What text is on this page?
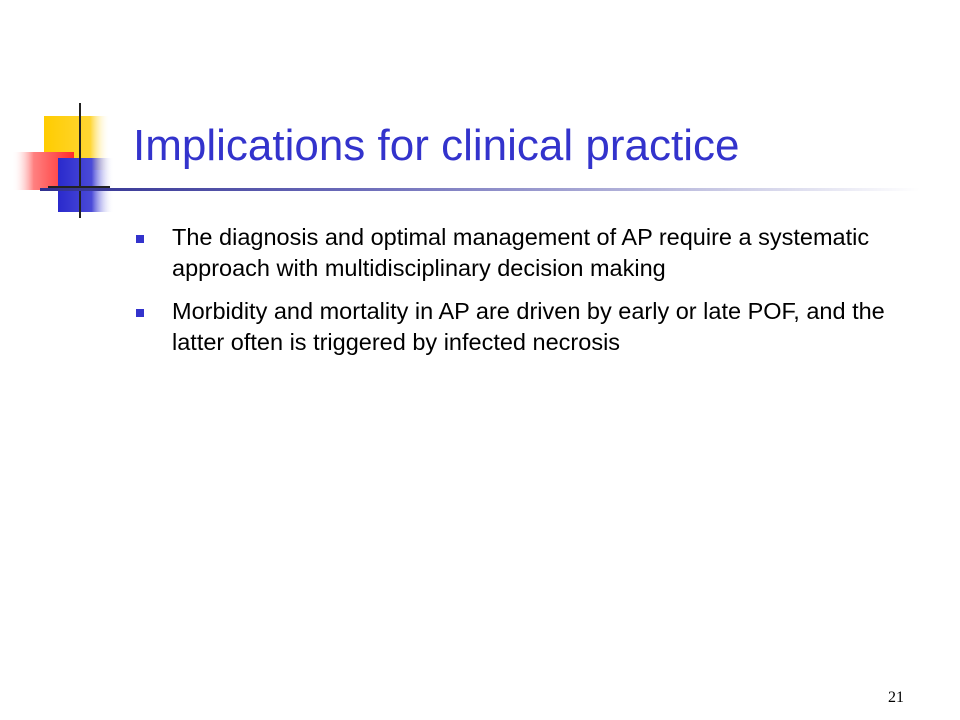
Implications for clinical practice
The diagnosis and optimal management of AP require a systematic approach with multidisciplinary decision making
Morbidity and mortality in AP are driven by early or late POF, and the latter often is triggered by infected necrosis
21
